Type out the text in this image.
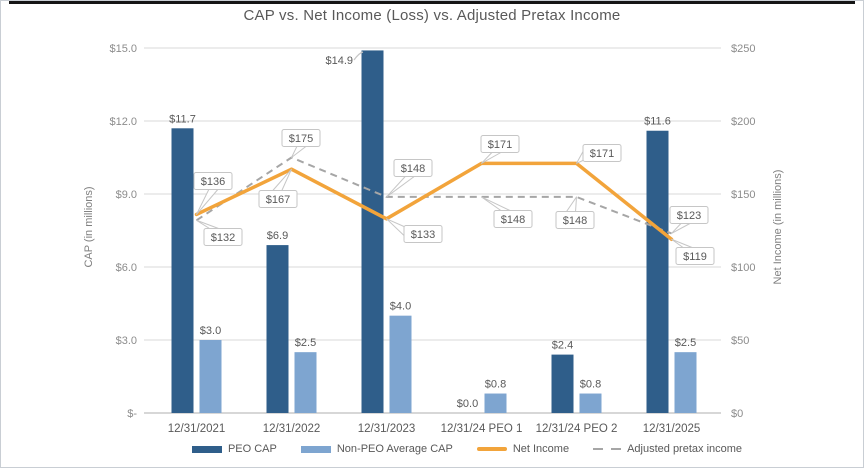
CAP vs. Net Income (Loss) vs. Adjusted Pretax Income
$15.0
$12.0
$9.0
$6.0
$3.0
$-
$250
$200
$150
$100
$50
$0
$11.7
$6.9
$14.9
$0.0
$2.4
$11.6
$3.0
$2.5
$4.0
$0.8	$0.8
$2.5
$136
$167
$133
$171
$171
$119
$132
$175
$148
$148	$148	$123
12/31/2021	12/31/2022	12/31/2023 12/31/24 PEO 1 12/31/24 PEO 2 12/31/2025
CAP (in millions)	Net Income (in millions)
PEO CAP	Non-PEO Average CAP	Net Income	Adjusted pretax income
